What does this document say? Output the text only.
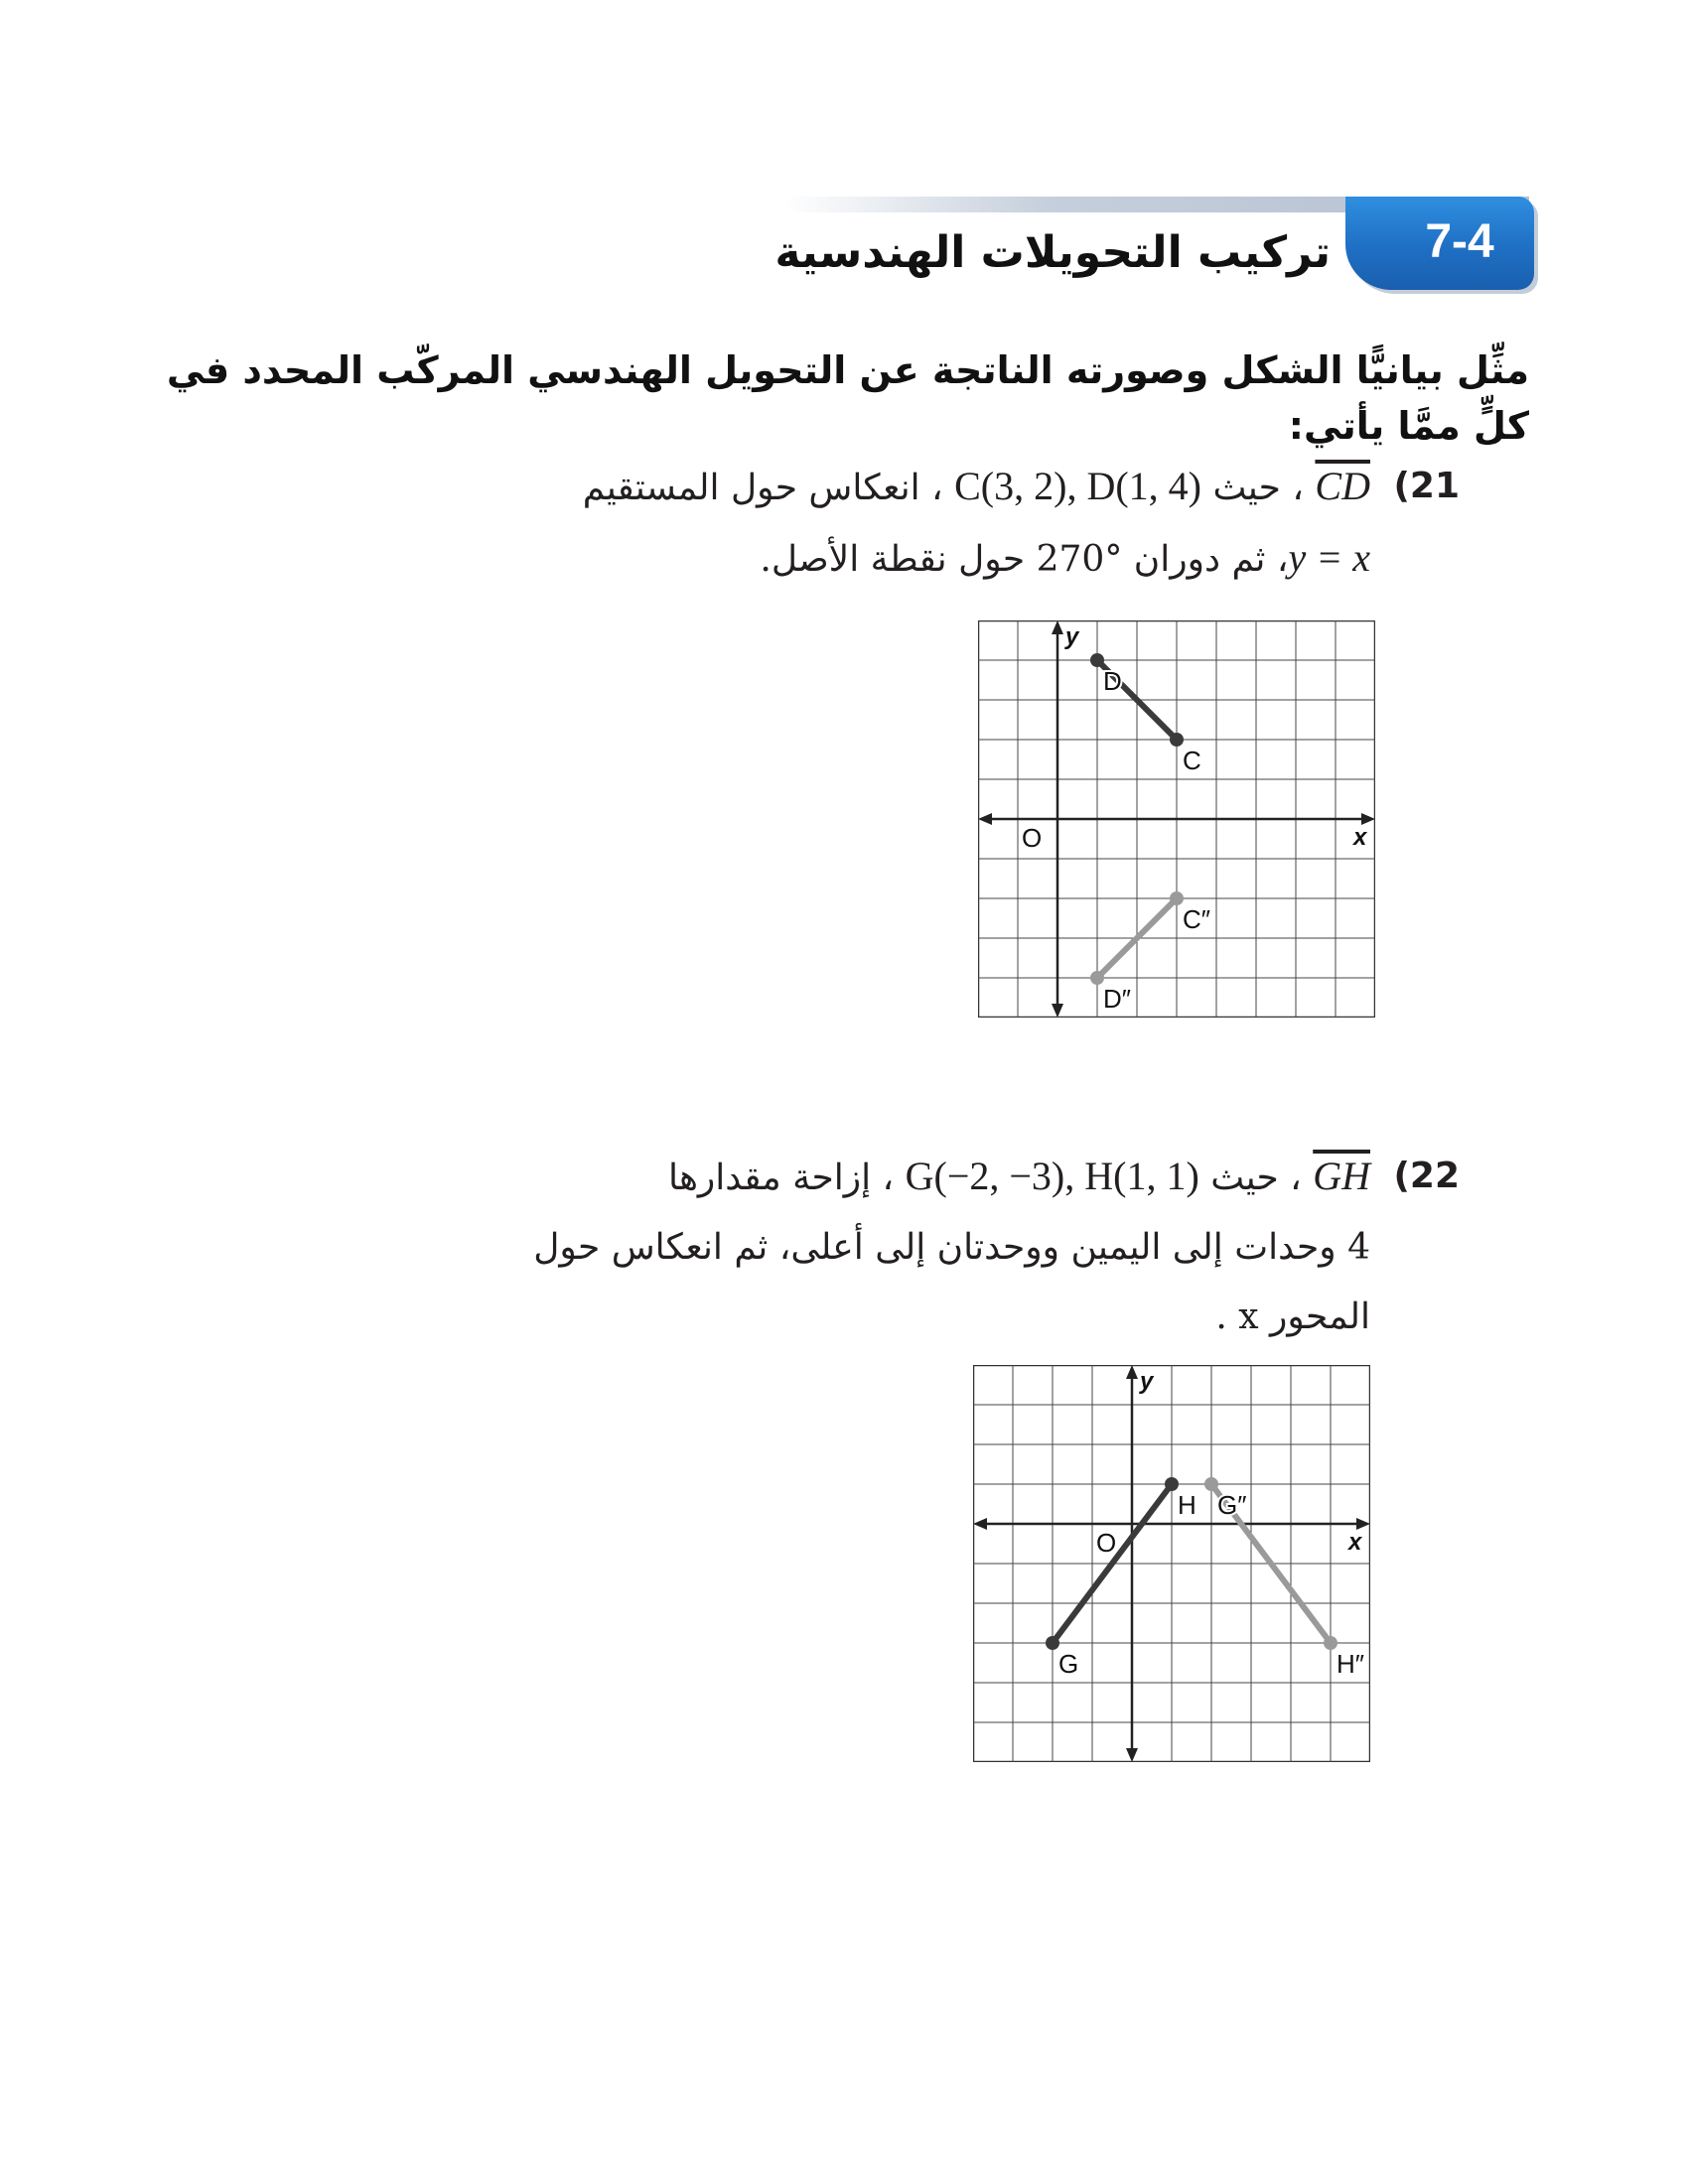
7-4
تركيب التحويلات الهندسية
مثِّل بيانيًّا الشكل وصورته الناتجة عن التحويل الهندسي المركّب المحدد في كلٍّ ممَّا يأتي:
21)
$\overline{CD}$ ، حيث C(3, 2), D(1, 4) ، انعكاس حول المستقيم
y = x، ثم دوران °270 حول نقطة الأصل.
x
y
O
C
D
C″
D″
22)
$\overline{GH}$ ، حيث G(−2, −3), H(1, 1) ، إزاحة مقدارها
4 وحدات إلى اليمين ووحدتان إلى أعلى، ثم انعكاس حول
المحور x .
x
y
O
G
H G″
H″
